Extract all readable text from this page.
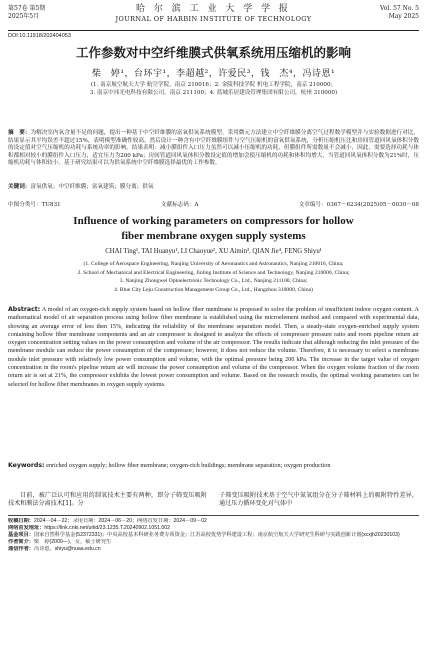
第57卷 第5期
2025年5月
哈 尔 滨 工 业 大 学 学 报
JOURNAL OF HARBIN INSTITUTE OF TECHNOLOGY
Vol. 57 No. 5
May 2025
DOI:10.11918/202404053
工作参数对中空纤维膜式供氧系统用压缩机的影响
柴　婷¹，台环宇¹，李超越²，许爱民³，钱　杰⁴，冯诗恩¹
(1. 南京航空航天大学 航空学院，南京 210016；2. 金陵科技学院 机电工程学院，南京 210000；
3. 南京中玮光电科技有限公司，南京 211100；4. 蓝城乐居建设管理集团有限公司，杭州 310000)
摘　要：为解决室内氧含量不足的问题，提出一种基于中空纤维膜的富氧供氧系统模型。采用微元方法建立中空纤维膜分离空气过程数学模型并与实验数据进行对比，结果显示其平均误差不超过15%，表明模型准确性较高。然后设计一种含有中空纤维膜组件与空气压缩机的富氧供氧系统，分析压缩机压比和房间管道回风氧体积分数的设定值对空气压缩机的功耗与系统功率的影响。结果表明：减小膜组件入口压力虽然可以减小压缩机的功耗，但膜组件所需数量不会减小，因此，需要选择功耗与体积都相对较小的膜组件入口压力，适宜压力为200 kPa；房间管道回风氧体积分数设定值的增加会使压缩机的功耗和体积均增大，当管道回风氧体积分数为21%时，压缩机功耗与体积较小。基于研究结果可以为供氧系统中空纤维膜选择最优的工作参数。
关键词：富氧供氧；中空纤维膜；富氧建筑；膜分离；供氧
中图分类号：TU831	文献标志码：A	文章编号：0367－6234(2025)05－0030－08
Influence of working parameters on compressors for hollow
fiber membrane oxygen supply systems
CHAI Ting¹, TAI Huanyu¹, LI Chaoyue², XU Aimin³, QIAN Jie⁴, FENG Shiyu¹
(1. College of Aerospace Engineering, Nanjing University of Aeronautics and Astronautics, Nanjing 210016, China;
2. School of Mechanical and Electrical Engineering, Jinling Institute of Science and Technology, Nanjing 210000, China;
3. Nanjing Zhongwei Optoelectronic Technology Co., Ltd., Nanjing 211100, China;
4. Blue City Leju Construction Management Group Co., Ltd., Hangzhou 310000, China)
Abstract: A model of an oxygen-rich supply system based on hollow fiber membrane is proposed to solve the problem of insufficient indoor oxygen content. A mathematical model of air separation process using hollow fiber membrane is established using the microelement method and compared with experimental data, showing an average error of less then 15%, indicating the reliability of the membrane separation model. Then, a steady-state oxygen-enriched supply system containing hollow fiber membrane components and an air compressor is designed to analyze the effects of compressor pressure ratio and room pipeline return air oxygen concentration setting values on the power consumption and volume of the air compressor. The results indicate that although reducing the inlet pressure of the membrane module can reduce the power consumption of the compressor; however, it does not reduce the volume. Therefore, it is necessary to select a membrane module inlet pressure with relatively low power consumption and volume, with the optimal pressure being 200 kPa. The increase in the target value of oxygen concentration in the room's pipeline return air will increase the power consumption and volume of the compressor. When the oxygen volume fraction of the room return air is set at 21%, the compressor exhibits the lowest power consumption and volume. Based on the research results, the optimal working parameters can be selected for hollow fiber membranes in oxygen supply systems.
Keywords: enriched oxygen supply; hollow fiber membrane; oxygen-rich buildings; membrane separation; oxygen production
目前，被广泛认可和应用的制氧技术主要有两种，即分子筛变压吸附技术和膜法分离技术[1]。分
子筛变压吸附技术基于空气中氮氧组分在分子筛材料上的吸附特性差异，通过压力循环变化对气体中
收稿日期：2024－04－22；录用日期：2024－06－20；网络首发日期：2024－09－02
网络首发地址：https://link.cnki.net/urlid/23.1235.T.20240902.1051.002
基金项目：国家自然科学基金(52372331)；中央高校基本科研业务费专项资金；江苏高校优势学科建设工程；南京航空航天大学研究生科研与实践创新计划(xcxjh20230103)
作者简介：柴　婷(2000—)，女，硕士研究生
通信作者：冯诗恩，shiyu@nuaa.edu.cn
